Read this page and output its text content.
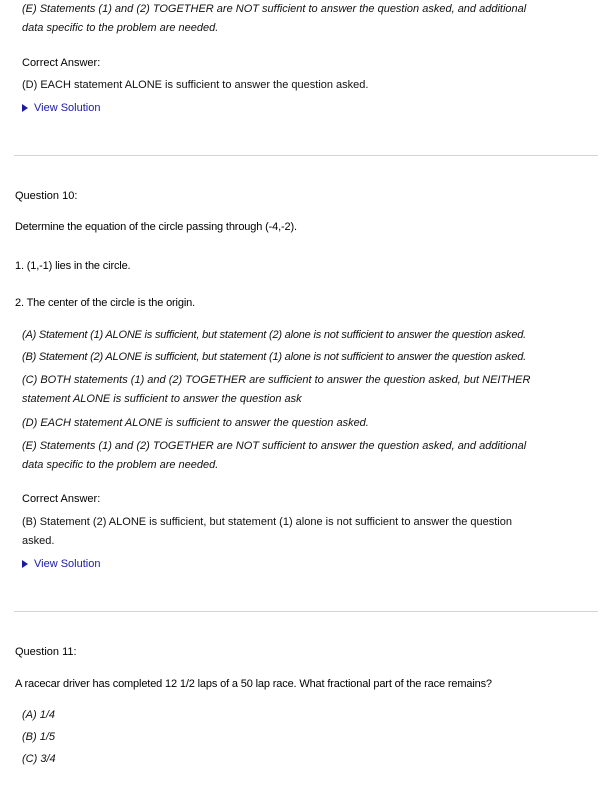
(E) Statements (1) and (2) TOGETHER are NOT sufficient to answer the question asked, and additional
data specific to the problem are needed.
Correct Answer:
(D) EACH statement ALONE is sufficient to answer the question asked.
View Solution
Question 10:
Determine the equation of the circle passing through (-4,-2).
1. (1,-1) lies in the circle.
2. The center of the circle is the origin.
(A) Statement (1) ALONE is sufficient, but statement (2) alone is not sufficient to answer the question asked.
(B) Statement (2) ALONE is sufficient, but statement (1) alone is not sufficient to answer the question asked.
(C) BOTH statements (1) and (2) TOGETHER are sufficient to answer the question asked, but NEITHER
statement ALONE is sufficient to answer the question ask
(D) EACH statement ALONE is sufficient to answer the question asked.
(E) Statements (1) and (2) TOGETHER are NOT sufficient to answer the question asked, and additional
data specific to the problem are needed.
Correct Answer:
(B) Statement (2) ALONE is sufficient, but statement (1) alone is not sufficient to answer the question
asked.
View Solution
Question 11:
A racecar driver has completed 12 1/2 laps of a 50 lap race. What fractional part of the race remains?
(A) 1/4
(B) 1/5
(C) 3/4
